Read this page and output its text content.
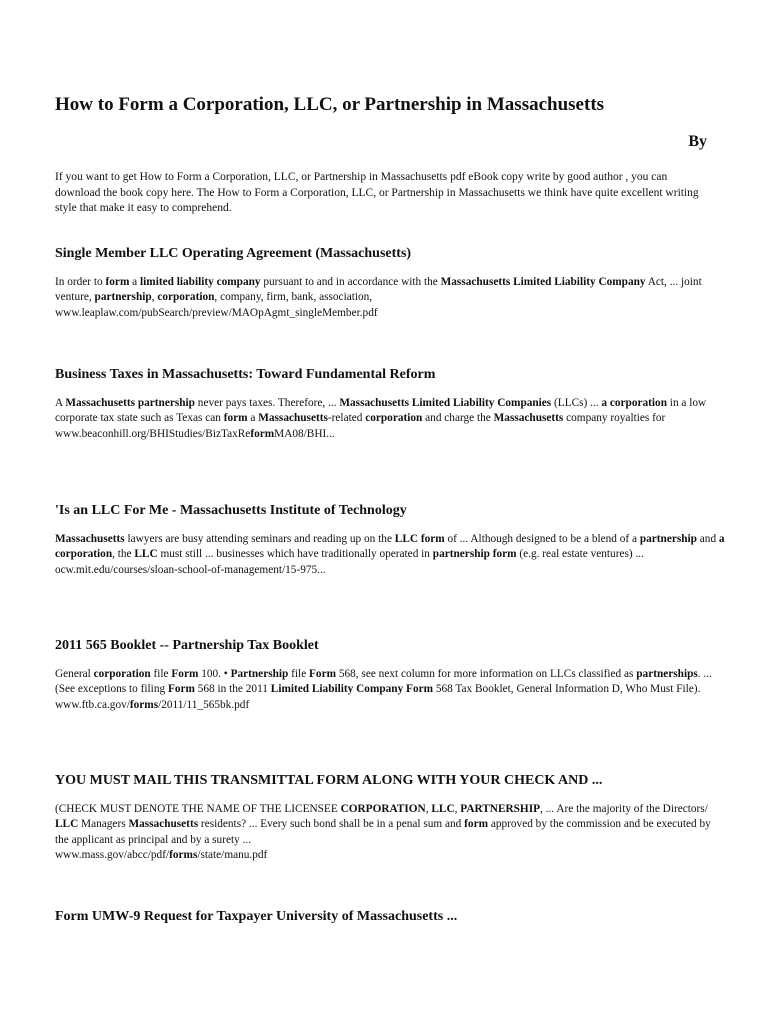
How to Form a Corporation, LLC, or Partnership in Massachusetts
By
If you want to get How to Form a Corporation, LLC, or Partnership in Massachusetts pdf eBook copy write by good author , you can download the book copy here. The How to Form a Corporation, LLC, or Partnership in Massachusetts we think have quite excellent writing style that make it easy to comprehend.
Single Member LLC Operating Agreement (Massachusetts)
In order to form a limited liability company pursuant to and in accordance with the Massachusetts Limited Liability Company Act, ... joint venture, partnership, corporation, company, firm, bank, association,
www.leaplaw.com/pubSearch/preview/MAOpAgmt_singleMember.pdf
Business Taxes in Massachusetts: Toward Fundamental Reform
A Massachusetts partnership never pays taxes. Therefore, ... Massachusetts Limited Liability Companies (LLCs) ... a corporation in a low corporate tax state such as Texas can form a Massachusetts-related corporation and charge the Massachusetts company royalties for
www.beaconhill.org/BHIStudies/BizTaxReformMA08/BHI...
'Is an LLC For Me - Massachusetts Institute of Technology
Massachusetts lawyers are busy attending seminars and reading up on the LLC form of ... Although designed to be a blend of a partnership and a corporation, the LLC must still ... businesses which have traditionally operated in partnership form (e.g. real estate ventures) ...
ocw.mit.edu/courses/sloan-school-of-management/15-975...
2011 565 Booklet -- Partnership Tax Booklet
General corporation file Form 100. • Partnership file Form 568, see next column for more information on LLCs classified as partnerships. ... (See exceptions to filing Form 568 in the 2011 Limited Liability Company Form 568 Tax Booklet, General Information D, Who Must File).
www.ftb.ca.gov/forms/2011/11_565bk.pdf
YOU MUST MAIL THIS TRANSMITTAL FORM ALONG WITH YOUR CHECK AND ...
(CHECK MUST DENOTE THE NAME OF THE LICENSEE CORPORATION, LLC, PARTNERSHIP, ... Are the majority of the Directors/ LLC Managers Massachusetts residents? ... Every such bond shall be in a penal sum and form approved by the commission and be executed by the applicant as principal and by a surety ...
www.mass.gov/abcc/pdf/forms/state/manu.pdf
Form UMW-9 Request for Taxpayer University of Massachusetts ...
